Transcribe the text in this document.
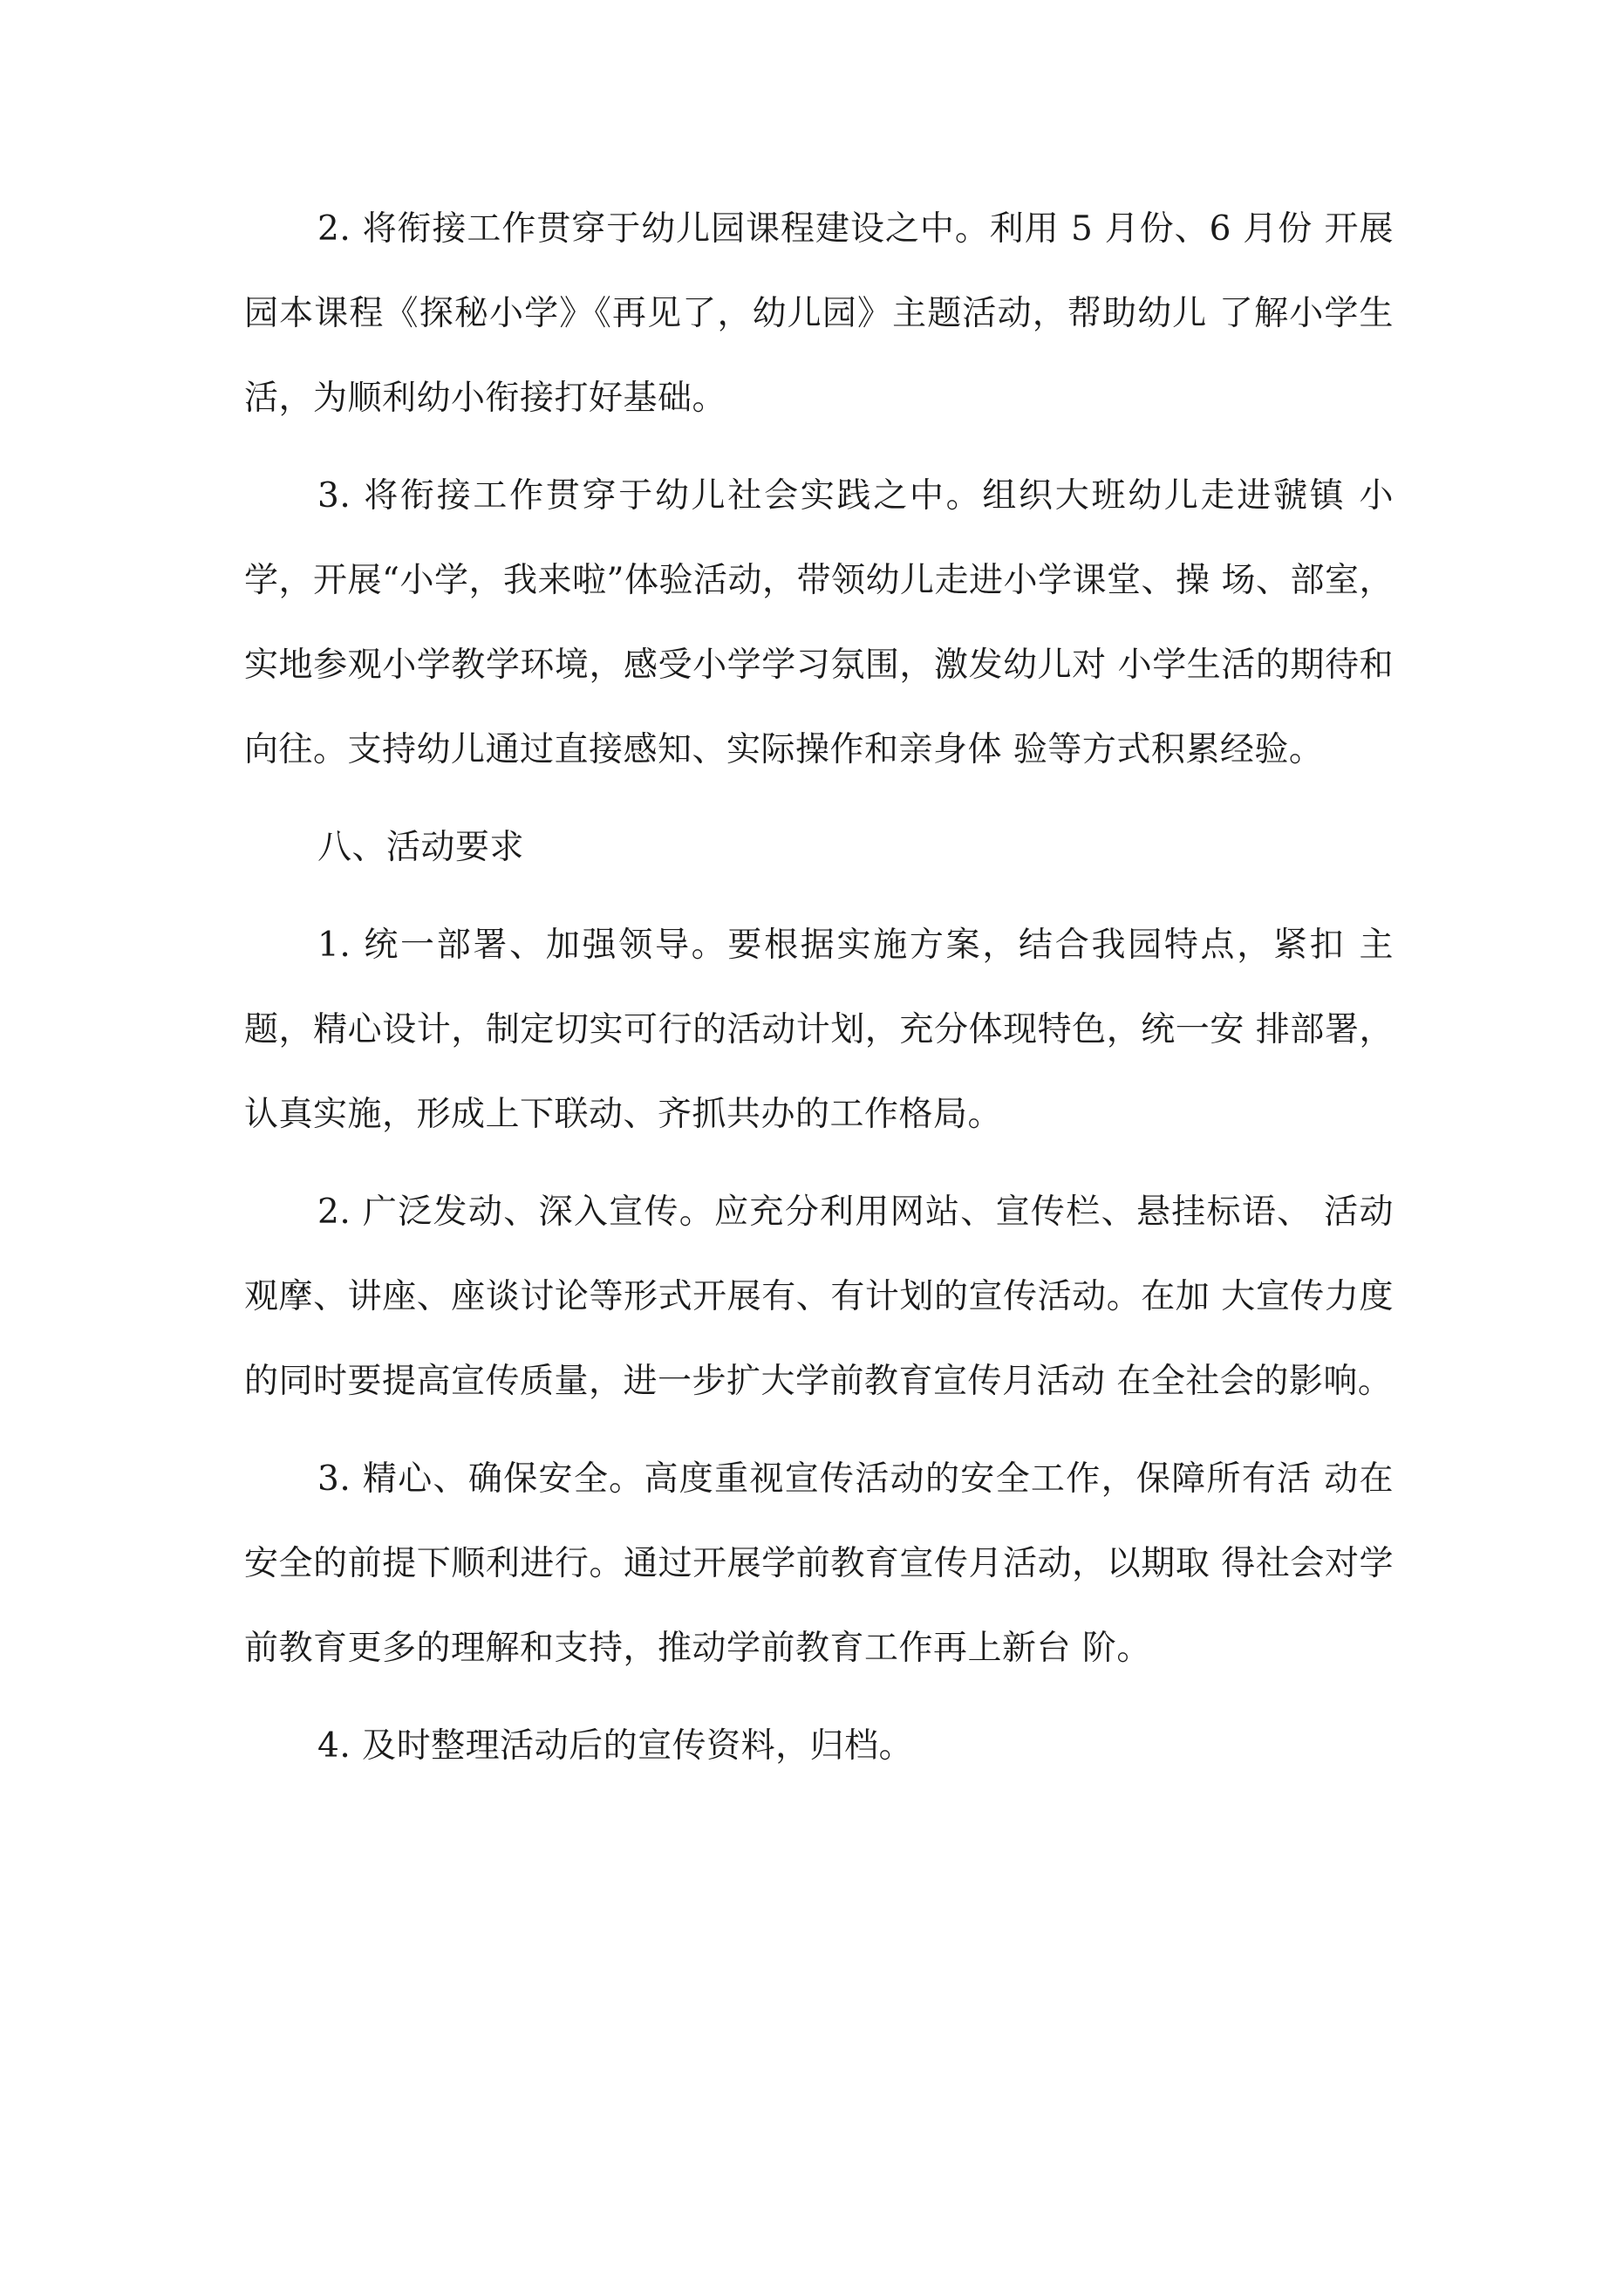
2. 将衔接工作贯穿于幼儿园课程建设之中。利用 5 月份、6 月份 开展园本课程《探秘小学》《再见了，幼儿园》主题活动，帮助幼儿 了解小学生活，为顺利幼小衔接打好基础。

3. 将衔接工作贯穿于幼儿社会实践之中。组织大班幼儿走进虢镇 小学，开展“小学，我来啦”体验活动，带领幼儿走进小学课堂、操 场、部室，实地参观小学教学环境，感受小学学习氛围，激发幼儿对 小学生活的期待和向往。支持幼儿通过直接感知、实际操作和亲身体 验等方式积累经验。

八、活动要求

1. 统一部署、加强领导。要根据实施方案，结合我园特点，紧扣 主题，精心设计，制定切实可行的活动计划，充分体现特色，统一安 排部署，认真实施，形成上下联动、齐抓共办的工作格局。

2. 广泛发动、深入宣传。应充分利用网站、宣传栏、悬挂标语、 活动观摩、讲座、座谈讨论等形式开展有、有计划的宣传活动。在加 大宣传力度的同时要提高宣传质量，进一步扩大学前教育宣传月活动 在全社会的影响。

3. 精心、确保安全。高度重视宣传活动的安全工作，保障所有活 动在安全的前提下顺利进行。通过开展学前教育宣传月活动，以期取 得社会对学前教育更多的理解和支持，推动学前教育工作再上新台 阶。

4. 及时整理活动后的宣传资料，归档。
